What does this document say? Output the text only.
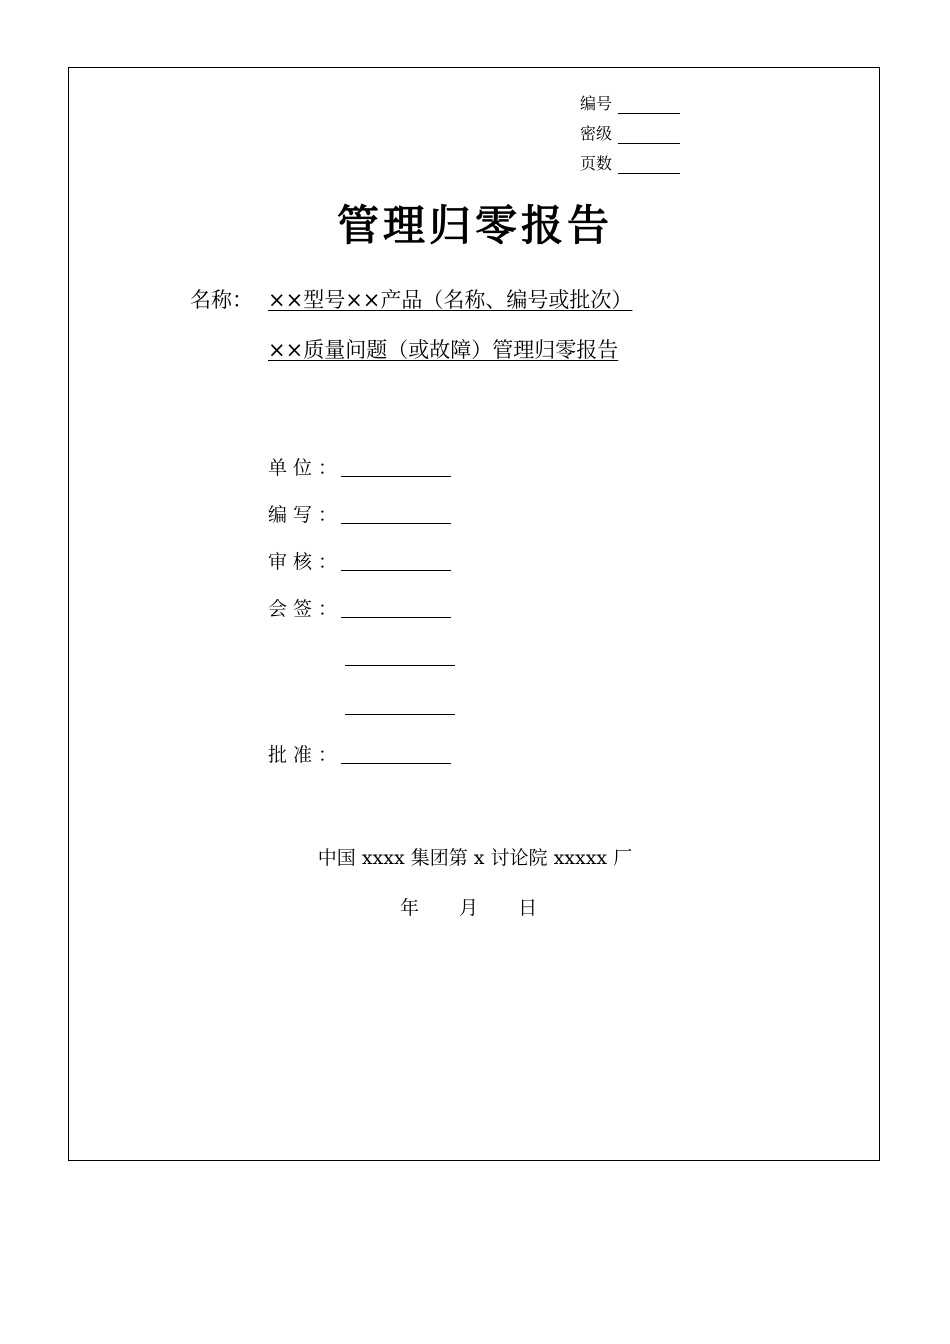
编号
密级
页数
管理归零报告
名称： ××型号××产品（名称、编号或批次）
××质量问题（或故障）管理归零报告
单位：
编写：
审核：
会签：
批准：
中国 xxxx 集团第 x 讨论院 xxxxx 厂
年  月  日
